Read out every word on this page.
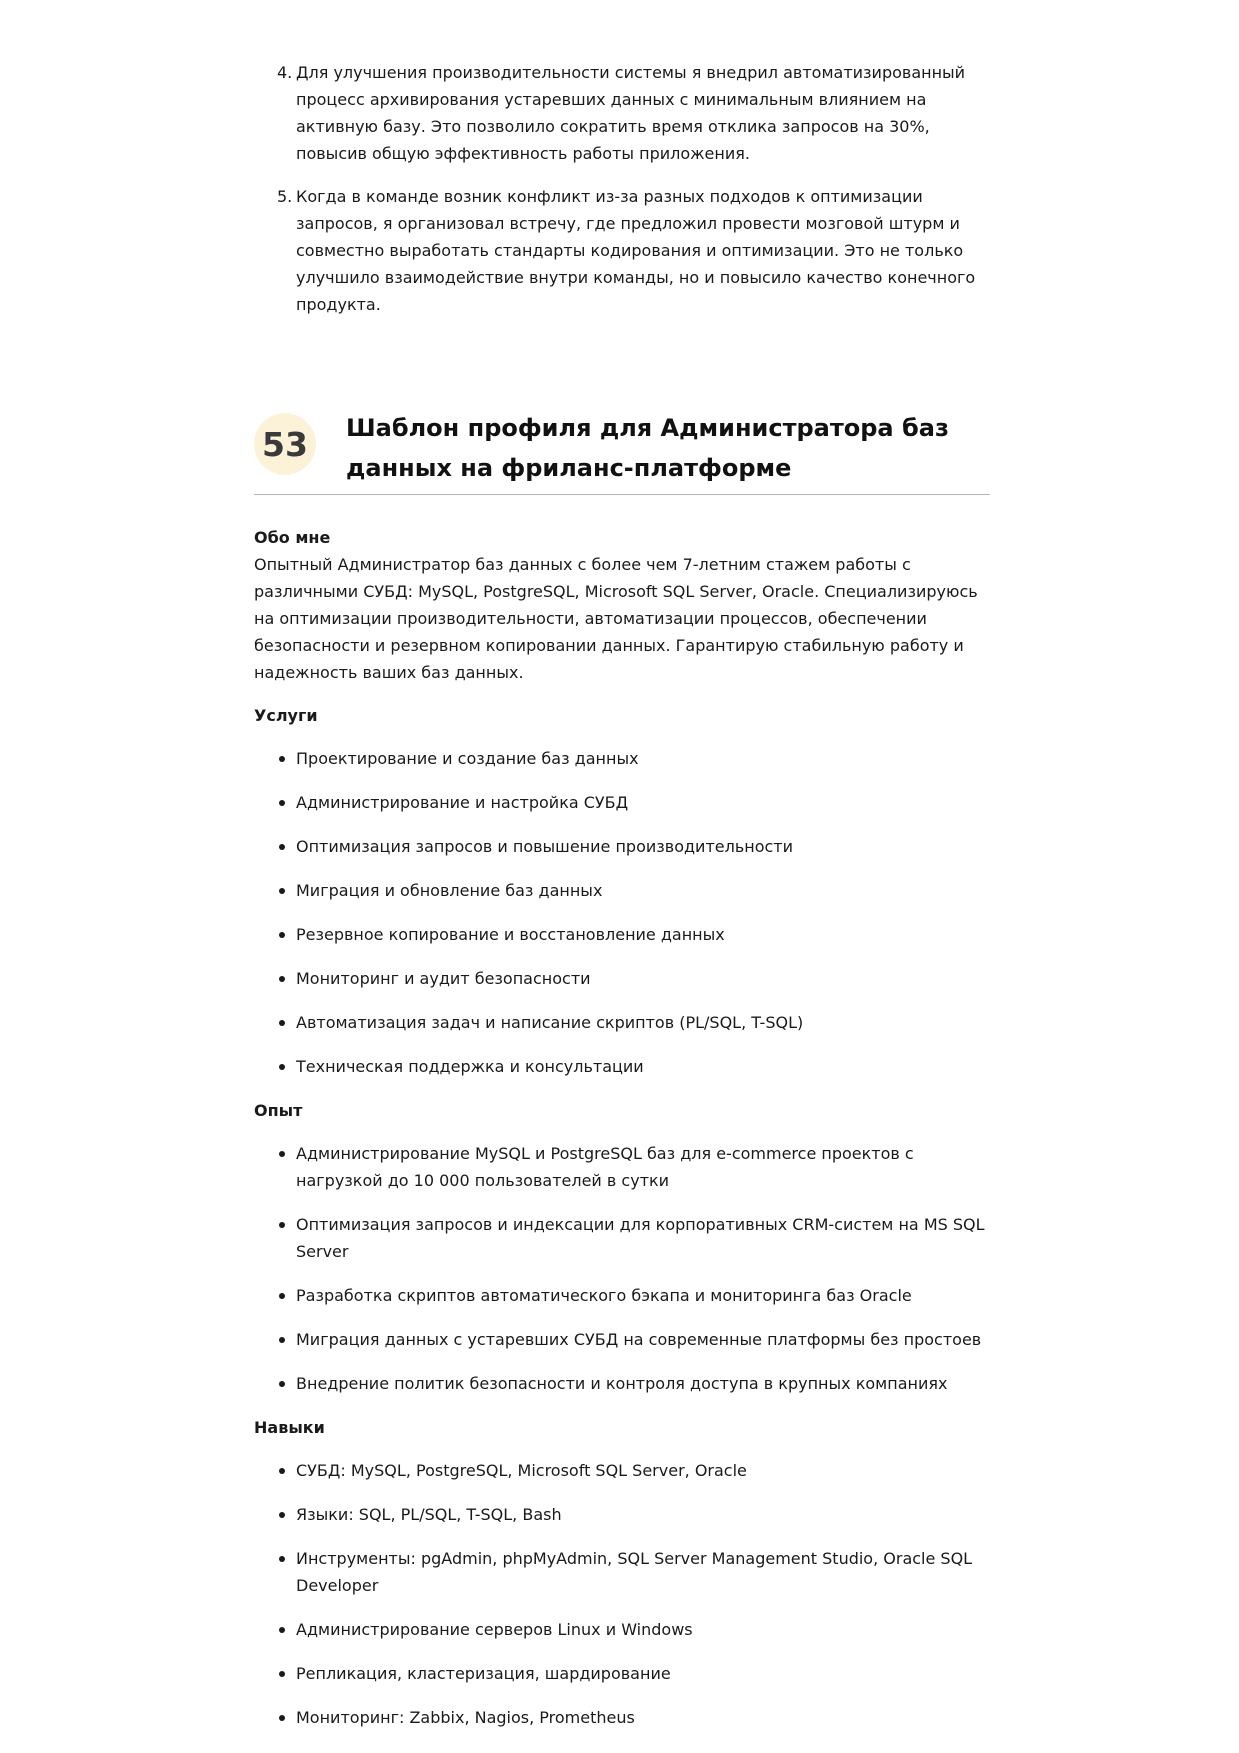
4. Для улучшения производительности системы я внедрил автоматизированный процесс архивирования устаревших данных с минимальным влиянием на активную базу. Это позволило сократить время отклика запросов на 30%, повысив общую эффективность работы приложения.
5. Когда в команде возник конфликт из-за разных подходов к оптимизации запросов, я организовал встречу, где предложил провести мозговой штурм и совместно выработать стандарты кодирования и оптимизации. Это не только улучшило взаимодействие внутри команды, но и повысило качество конечного продукта.
53	Шаблон профиля для Администратора баз данных на фриланс-платформе
Обо мне

Опытный Администратор баз данных с более чем 7-летним стажем работы с различными СУБД: MySQL, PostgreSQL, Microsoft SQL Server, Oracle. Специализируюсь на оптимизации производительности, автоматизации процессов, обеспечении безопасности и резервном копировании данных. Гарантирую стабильную работу и надежность ваших баз данных.

Услуги
Проектирование и создание баз данных
Администрирование и настройка СУБД
Оптимизация запросов и повышение производительности
Миграция и обновление баз данных
Резервное копирование и восстановление данных
Мониторинг и аудит безопасности
Автоматизация задач и написание скриптов (PL/SQL, T-SQL)
Техническая поддержка и консультации
Опыт
Администрирование MySQL и PostgreSQL баз для e-commerce проектов с нагрузкой до 10 000 пользователей в сутки
Оптимизация запросов и индексации для корпоративных CRM-систем на MS SQL Server
Разработка скриптов автоматического бэкапа и мониторинга баз Oracle
Миграция данных с устаревших СУБД на современные платформы без простоев
Внедрение политик безопасности и контроля доступа в крупных компаниях
Навыки
СУБД: MySQL, PostgreSQL, Microsoft SQL Server, Oracle
Языки: SQL, PL/SQL, T-SQL, Bash
Инструменты: pgAdmin, phpMyAdmin, SQL Server Management Studio, Oracle SQL Developer
Администрирование серверов Linux и Windows
Репликация, кластеризация, шардирование
Мониторинг: Zabbix, Nagios, Prometheus
